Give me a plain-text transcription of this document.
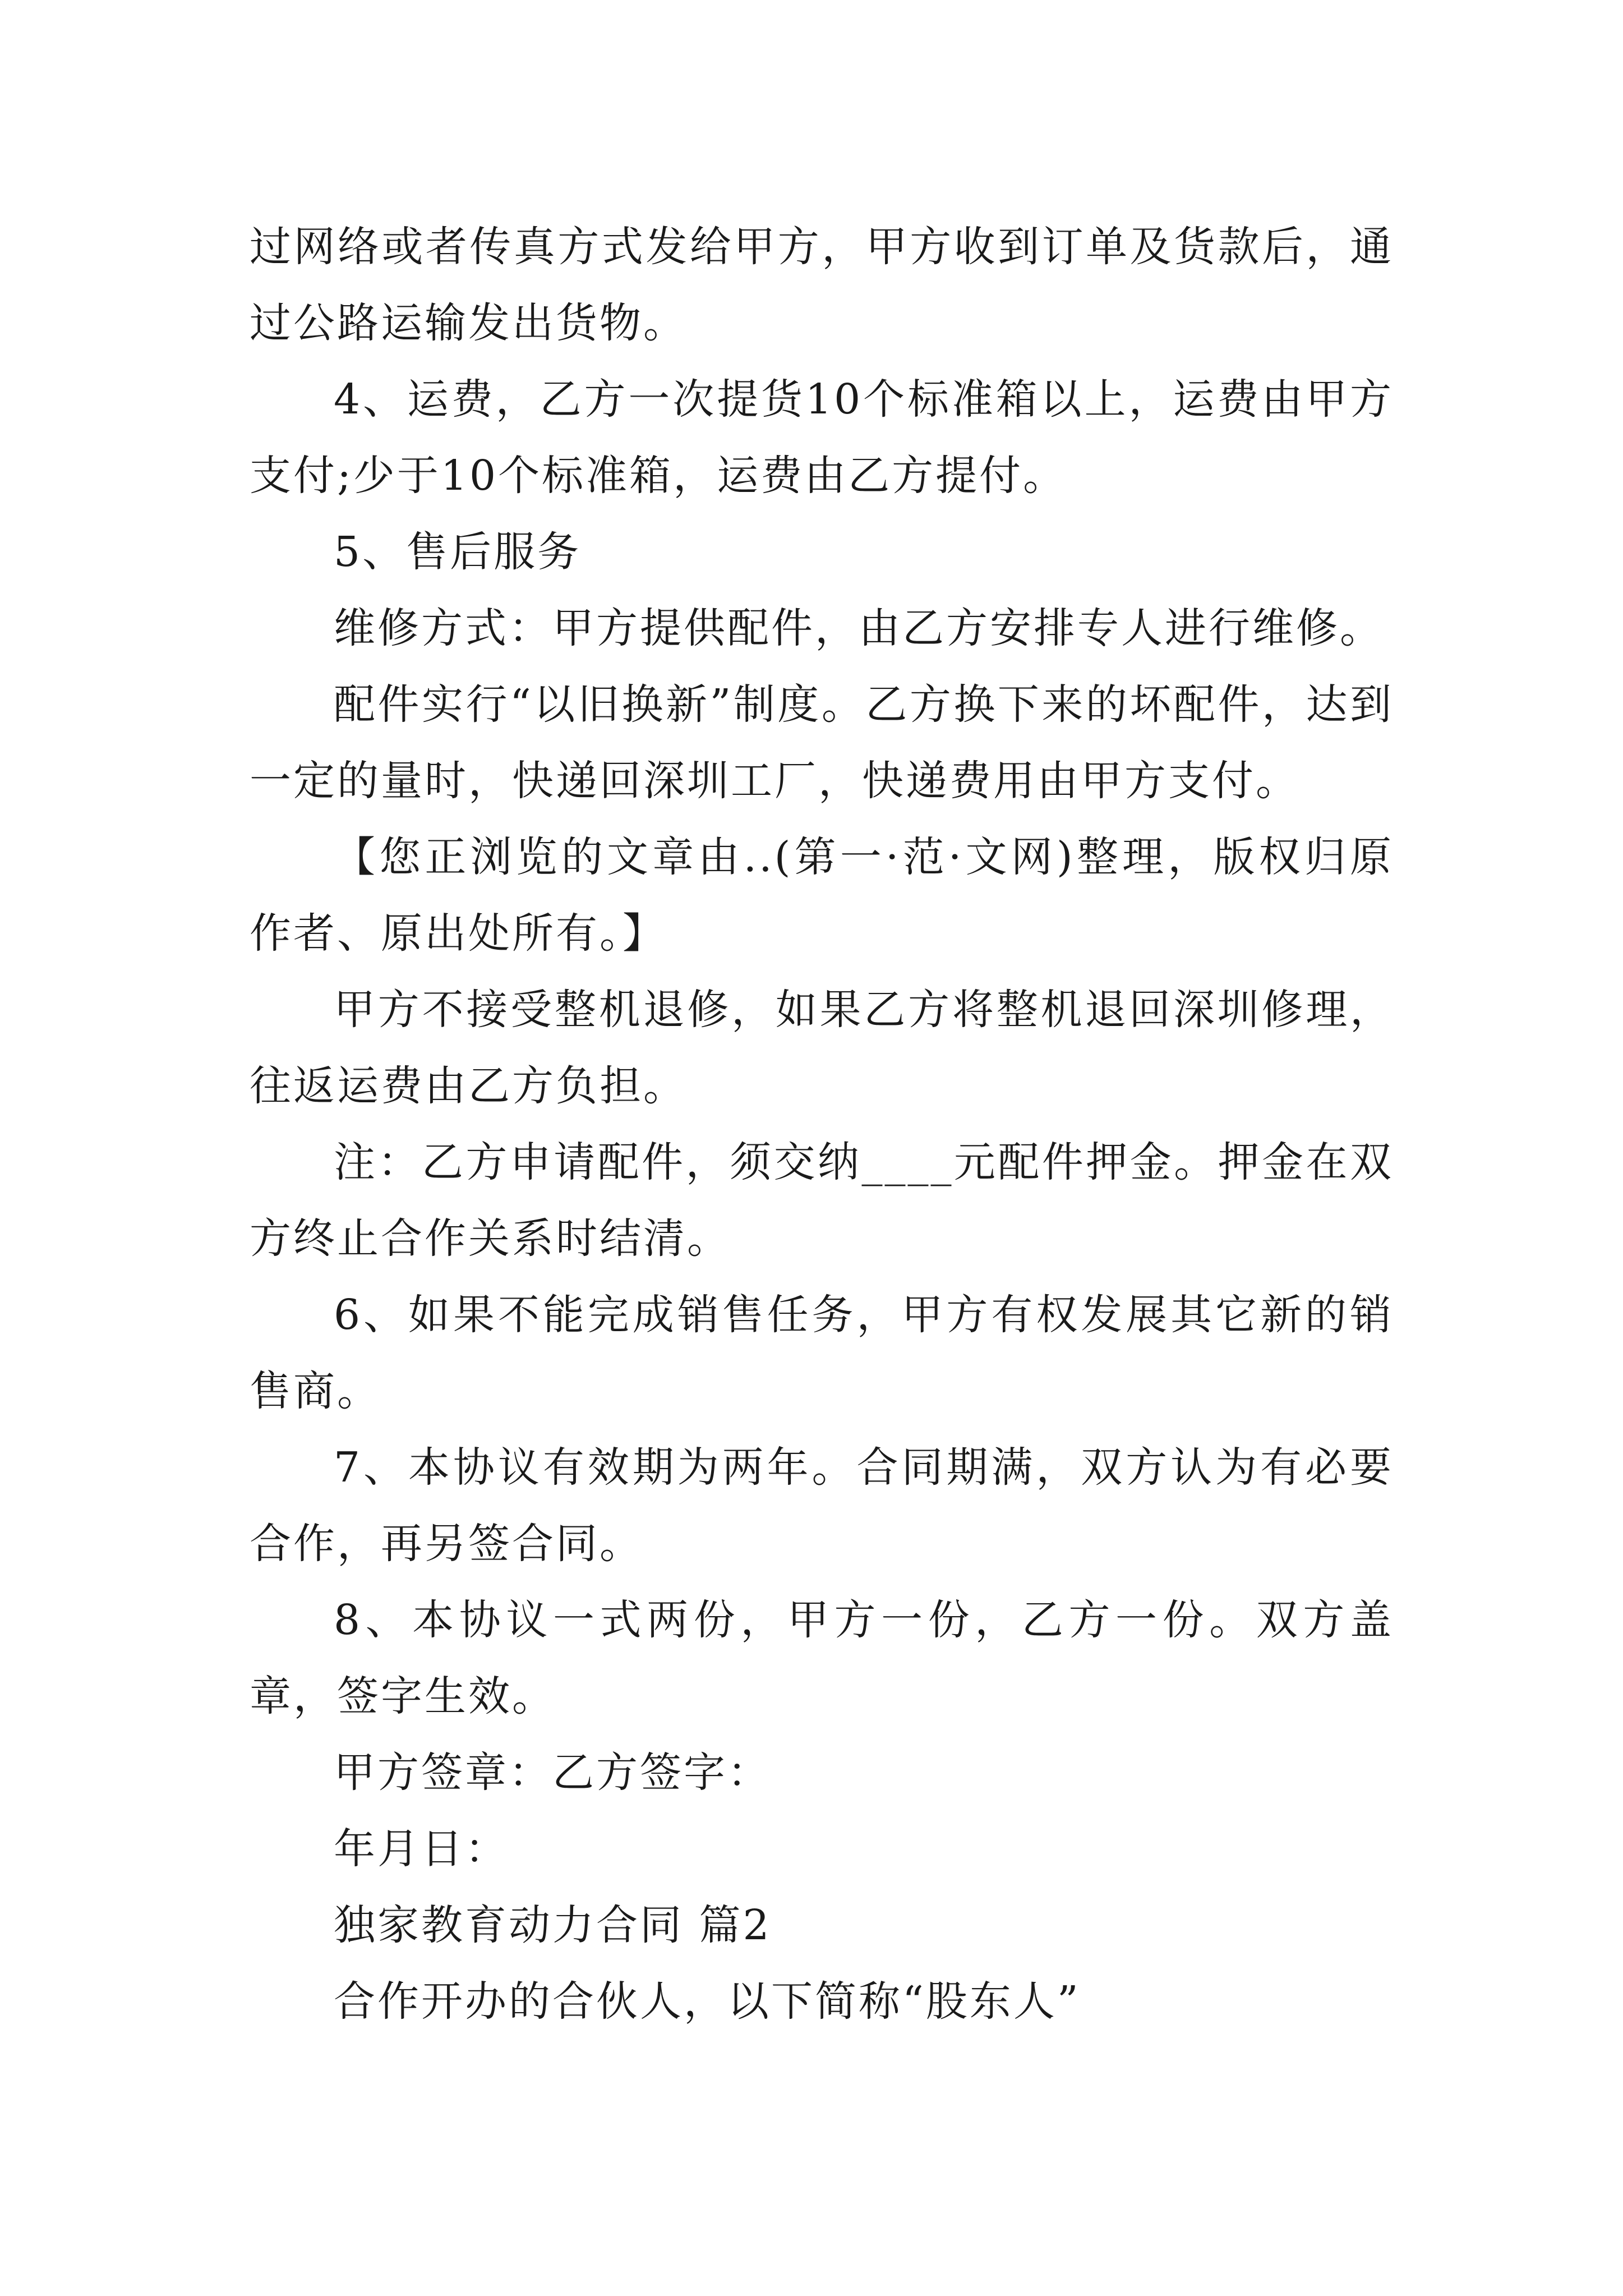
过网络或者传真方式发给甲方，甲方收到订单及货款后，通过公路运输发出货物。

4、运费，乙方一次提货10个标准箱以上，运费由甲方支付;少于10个标准箱，运费由乙方提付。

5、售后服务

维修方式：甲方提供配件，由乙方安排专人进行维修。

配件实行“以旧换新”制度。乙方换下来的坏配件，达到一定的量时，快递回深圳工厂，快递费用由甲方支付。

【您正浏览的文章由..(第一·范·文网)整理，版权归原作者、原出处所有。】

甲方不接受整机退修，如果乙方将整机退回深圳修理，往返运费由乙方负担。

注：乙方申请配件，须交纳____元配件押金。押金在双方终止合作关系时结清。

6、如果不能完成销售任务，甲方有权发展其它新的销售商。

7、本协议有效期为两年。合同期满，双方认为有必要合作，再另签合同。

8、本协议一式两份，甲方一份，乙方一份。双方盖章，签字生效。

甲方签章：乙方签字：

年月日：

独家教育动力合同 篇2

合作开办的合伙人，以下简称“股东人”
